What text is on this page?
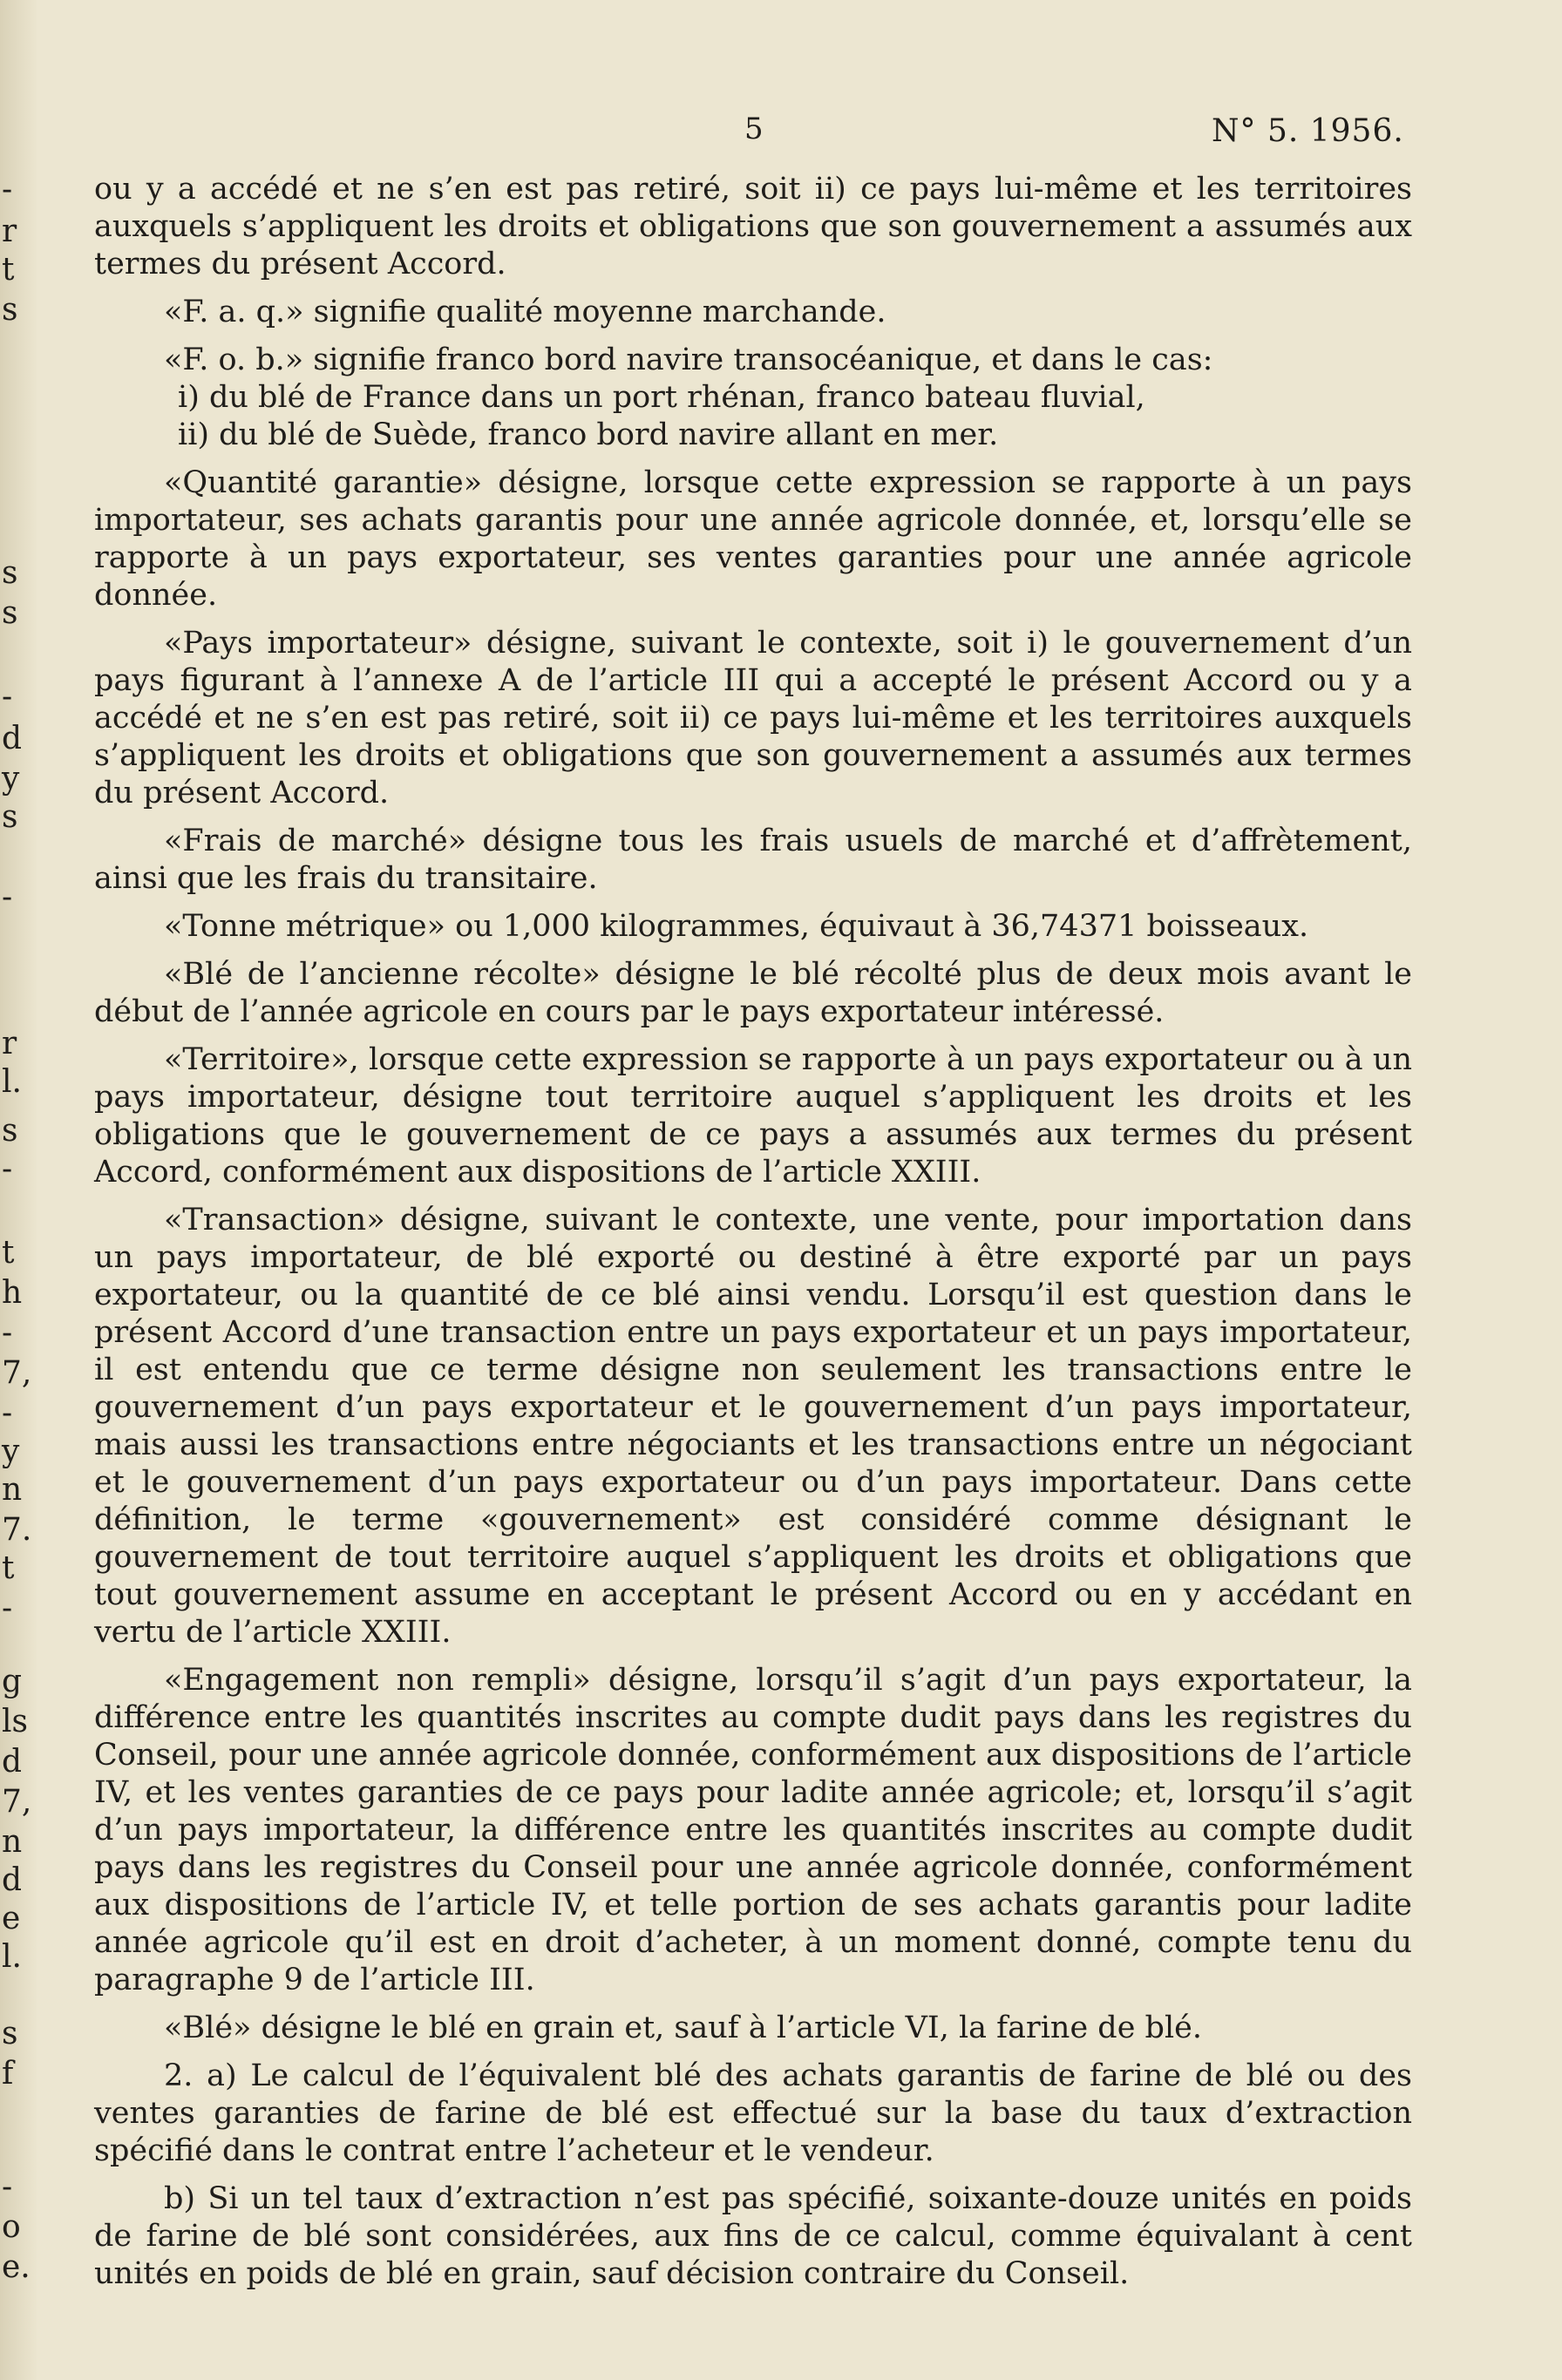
-
r
t
s
s
s
-
d
y
s
-
r
l.
s
-
t
h
-
7,
-
y
n
7.
t
-
g
ls
d
7,
n
d
e
l.
s
f
-
o
e.
5	N° 5. 1956.

ou y a accédé et ne s’en est pas retiré, soit ii) ce pays lui-même et les territoires auxquels s’appliquent les droits et obligations que son gouvernement a assumés aux termes du présent Accord.

«F. a. q.» signifie qualité moyenne marchande.

«F. o. b.» signifie franco bord navire transocéanique, et dans le cas:

i) du blé de France dans un port rhénan, franco bateau fluvial,

ii) du blé de Suède, franco bord navire allant en mer.

«Quantité garantie» désigne, lorsque cette expression se rapporte à un pays importateur, ses achats garantis pour une année agricole donnée, et, lorsqu’elle se rapporte à un pays exportateur, ses ventes garanties pour une année agricole donnée.

«Pays importateur» désigne, suivant le contexte, soit i) le gouvernement d’un pays figurant à l’annexe A de l’article III qui a accepté le présent Accord ou y a accédé et ne s’en est pas retiré, soit ii) ce pays lui-même et les territoires auxquels s’appliquent les droits et obligations que son gouvernement a assumés aux termes du présent Accord.

«Frais de marché» désigne tous les frais usuels de marché et d’affrètement, ainsi que les frais du transitaire.

«Tonne métrique» ou 1,000 kilogrammes, équivaut à 36,74371 boisseaux.

«Blé de l’ancienne récolte» désigne le blé récolté plus de deux mois avant le début de l’année agricole en cours par le pays exportateur intéressé.

«Territoire», lorsque cette expression se rapporte à un pays exportateur ou à un pays importateur, désigne tout territoire auquel s’appliquent les droits et les obligations que le gouvernement de ce pays a assumés aux termes du présent Accord, conformément aux dispositions de l’article XXIII.

«Transaction» désigne, suivant le contexte, une vente, pour importation dans un pays importateur, de blé exporté ou destiné à être exporté par un pays exportateur, ou la quantité de ce blé ainsi vendu. Lorsqu’il est question dans le présent Accord d’une transaction entre un pays exportateur et un pays importateur, il est entendu que ce terme désigne non seulement les transactions entre le gouvernement d’un pays exportateur et le gouvernement d’un pays importateur, mais aussi les transactions entre négociants et les transactions entre un négociant et le gouvernement d’un pays exportateur ou d’un pays importateur. Dans cette définition, le terme «gouvernement» est considéré comme désignant le gouvernement de tout territoire auquel s’appliquent les droits et obligations que tout gouvernement assume en acceptant le présent Accord ou en y accédant en vertu de l’article XXIII.

«Engagement non rempli» désigne, lorsqu’il s’agit d’un pays exportateur, la différence entre les quantités inscrites au compte dudit pays dans les registres du Conseil, pour une année agricole donnée, conformément aux dispositions de l’article IV, et les ventes garanties de ce pays pour ladite année agricole; et, lorsqu’il s’agit d’un pays importateur, la différence entre les quantités inscrites au compte dudit pays dans les registres du Conseil pour une année agricole donnée, conformément aux dispositions de l’article IV, et telle portion de ses achats garantis pour ladite année agricole qu’il est en droit d’acheter, à un moment donné, compte tenu du paragraphe 9 de l’article III.

«Blé» désigne le blé en grain et, sauf à l’article VI, la farine de blé.

2. a) Le calcul de l’équivalent blé des achats garantis de farine de blé ou des ventes garanties de farine de blé est effectué sur la base du taux d’extraction spécifié dans le contrat entre l’acheteur et le vendeur.

b) Si un tel taux d’extraction n’est pas spécifié, soixante-douze unités en poids de farine de blé sont considérées, aux fins de ce calcul, comme équivalant à cent unités en poids de blé en grain, sauf décision contraire du Conseil.
